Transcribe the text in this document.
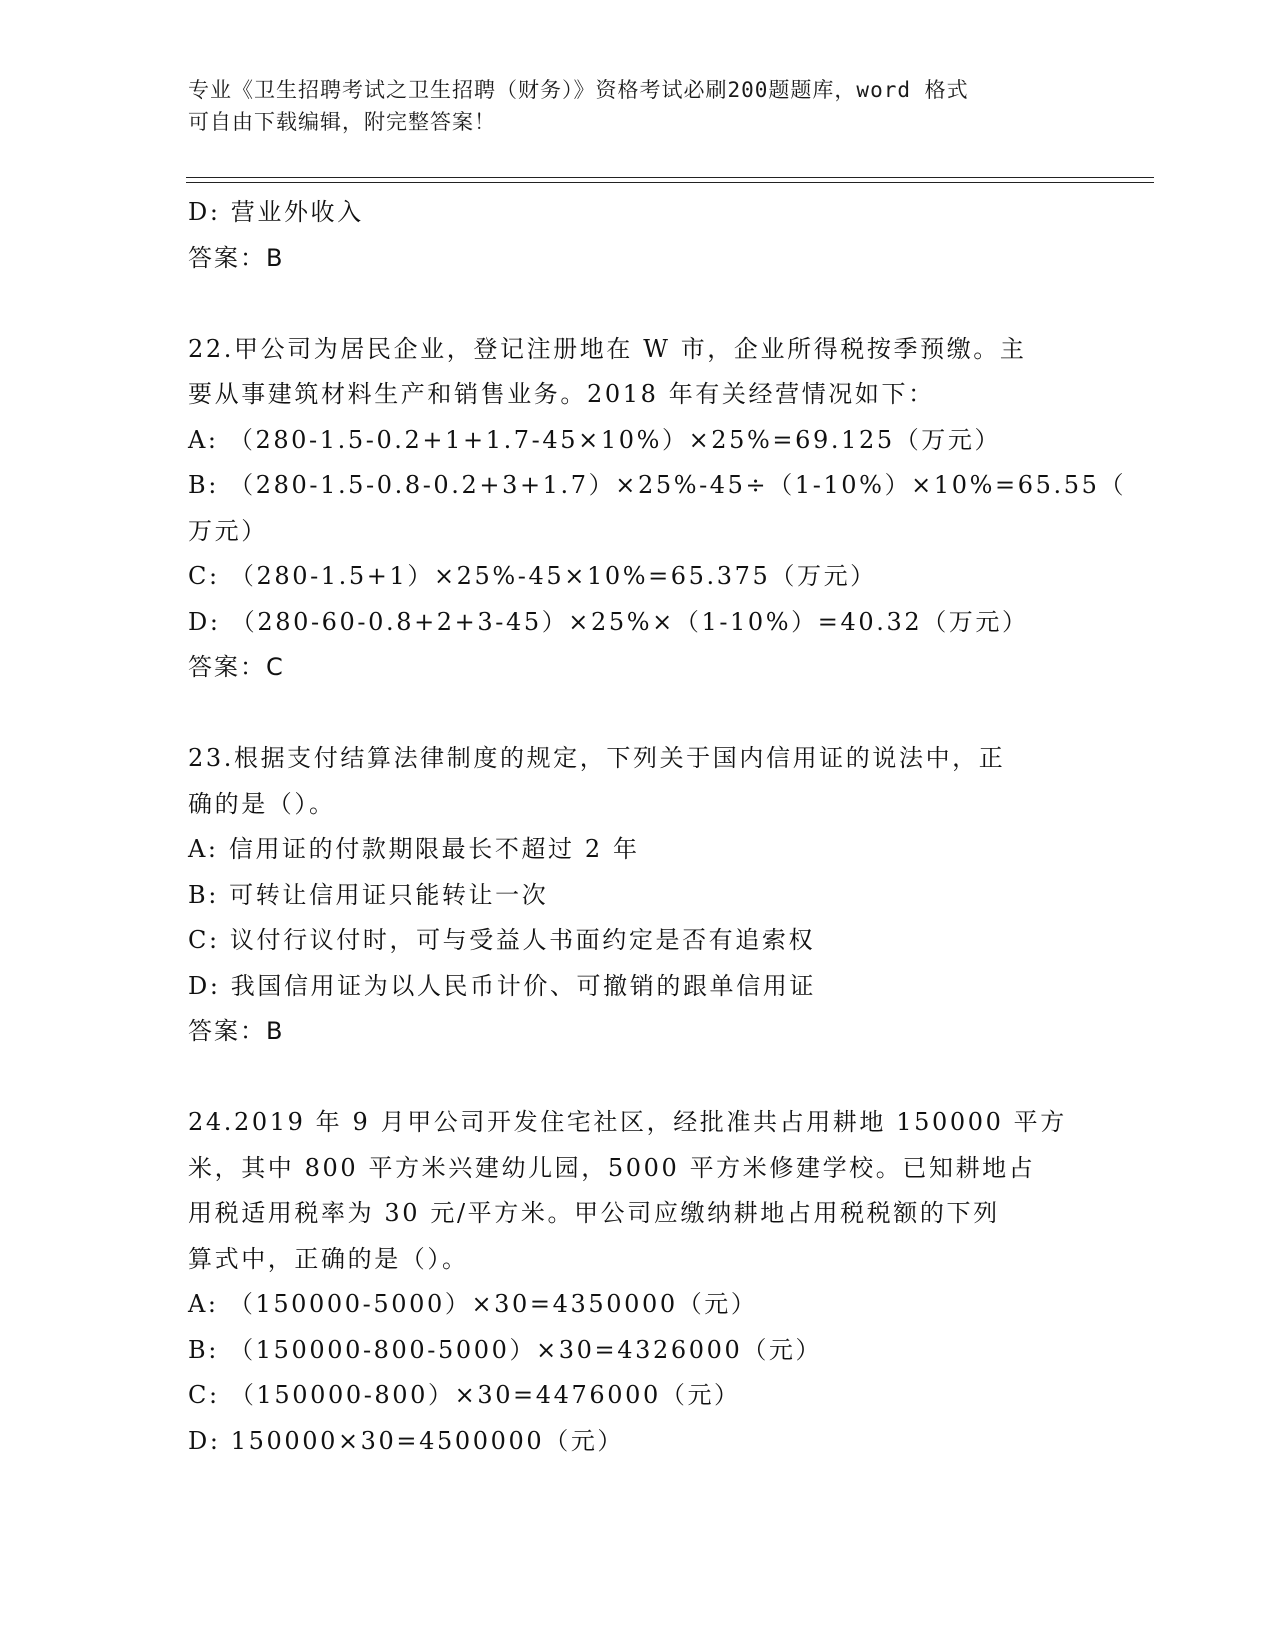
专业《卫生招聘考试之卫生招聘（财务）》资格考试必刷200题题库，word 格式
可自由下载编辑，附完整答案！
D: 营业外收入
答案：B
22.甲公司为居民企业，登记注册地在 W 市，企业所得税按季预缴。主
要从事建筑材料生产和销售业务。2018 年有关经营情况如下：
A: （280-1.5-0.2+1+1.7-45×10%）×25%=69.125（万元）
B: （280-1.5-0.8-0.2+3+1.7）×25%-45÷（1-10%）×10%=65.55（
万元）
C: （280-1.5+1）×25%-45×10%=65.375（万元）
D: （280-60-0.8+2+3-45）×25%×（1-10%）=40.32（万元）
答案：C
23.根据支付结算法律制度的规定，下列关于国内信用证的说法中，正
确的是（）。
A: 信用证的付款期限最长不超过 2 年
B: 可转让信用证只能转让一次
C: 议付行议付时，可与受益人书面约定是否有追索权
D: 我国信用证为以人民币计价、可撤销的跟单信用证
答案：B
24.2019 年 9 月甲公司开发住宅社区，经批准共占用耕地 150000 平方
米，其中 800 平方米兴建幼儿园，5000 平方米修建学校。已知耕地占
用税适用税率为 30 元/平方米。甲公司应缴纳耕地占用税税额的下列
算式中，正确的是（）。
A: （150000-5000）×30=4350000（元）
B: （150000-800-5000）×30=4326000（元）
C: （150000-800）×30=4476000（元）
D: 150000×30=4500000（元）
